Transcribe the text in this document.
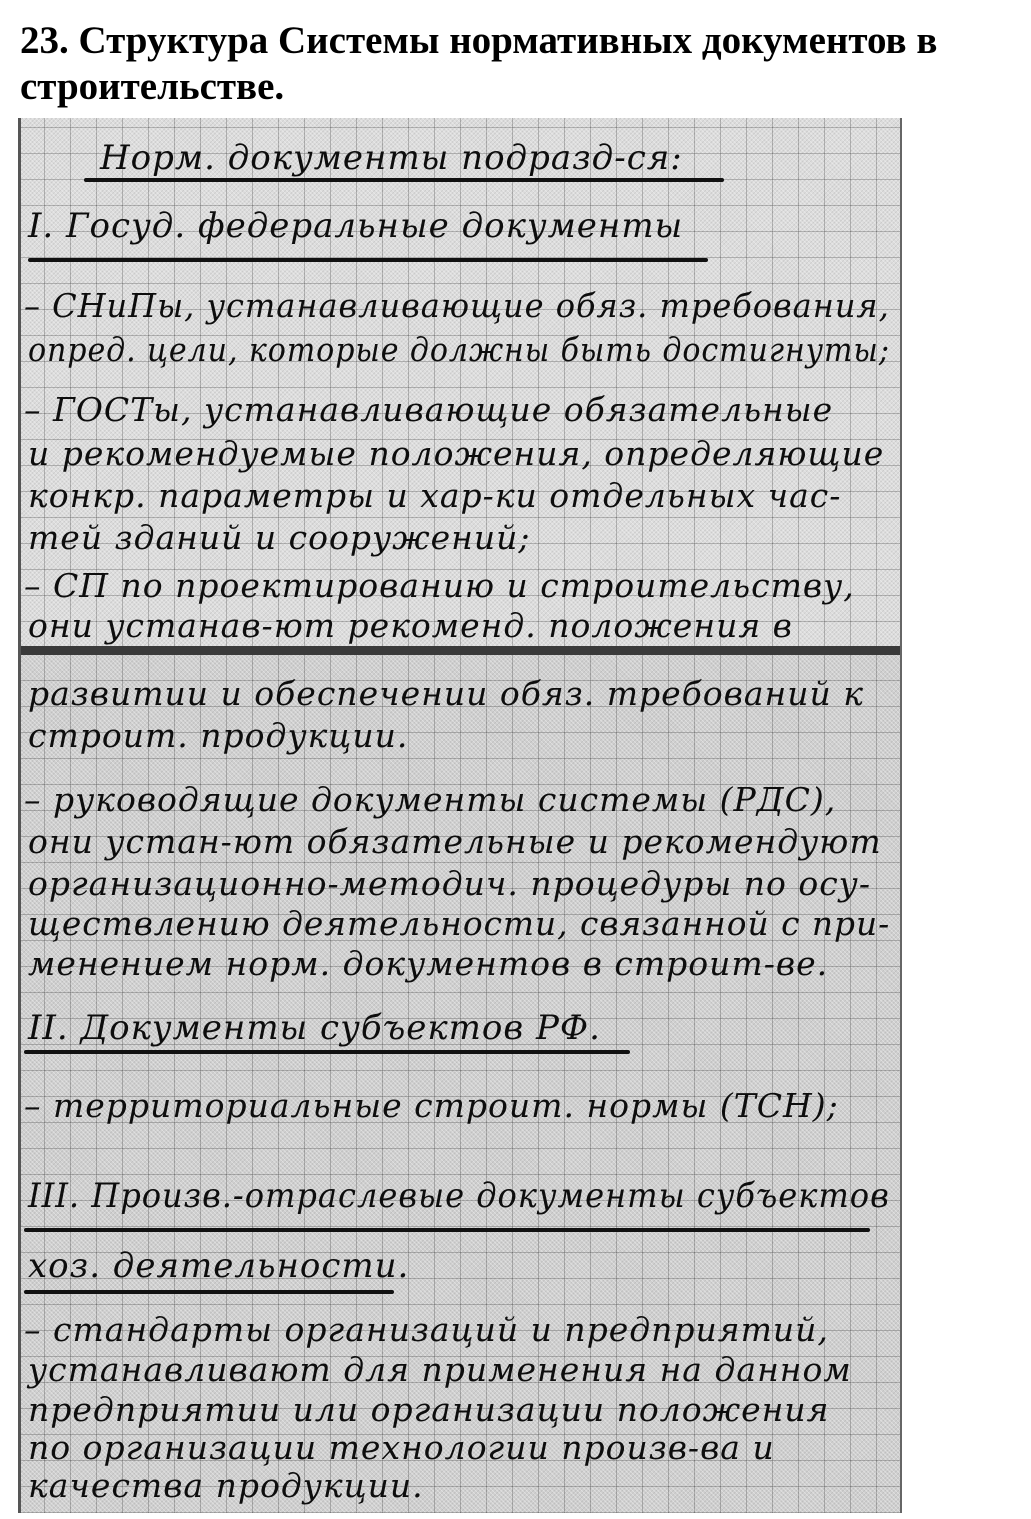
23. Структура Системы нормативных документов в строительстве.
Норм. документы подразд-ся:
I. Госуд. федеральные документы
– СНиПы, устанавливающие обяз. требования,
опред. цели, которые должны быть достигнуты;
– ГОСТы, устанавливающие обязательные
и рекомендуемые положения, определяющие
конкр. параметры и хар-ки отдельных час-
тей зданий и сооружений;
– СП по проектированию и строительству,
они устанав-ют рекоменд. положения в
развитии и обеспечении обяз. требований к
строит. продукции.
– руководящие документы системы (РДС),
они устан-ют обязательные и рекомендуют
организационно-методич. процедуры по осу-
ществлению деятельности, связанной с при-
менением норм. документов в строит-ве.
II. Документы субъектов РФ.
– территориальные строит. нормы (ТСН);
III. Произв.-отраслевые документы субъектов
хоз. деятельности.
– стандарты организаций и предприятий,
устанавливают для применения на данном
предприятии или организации положения
по организации технологии произв-ва и
качества продукции.
